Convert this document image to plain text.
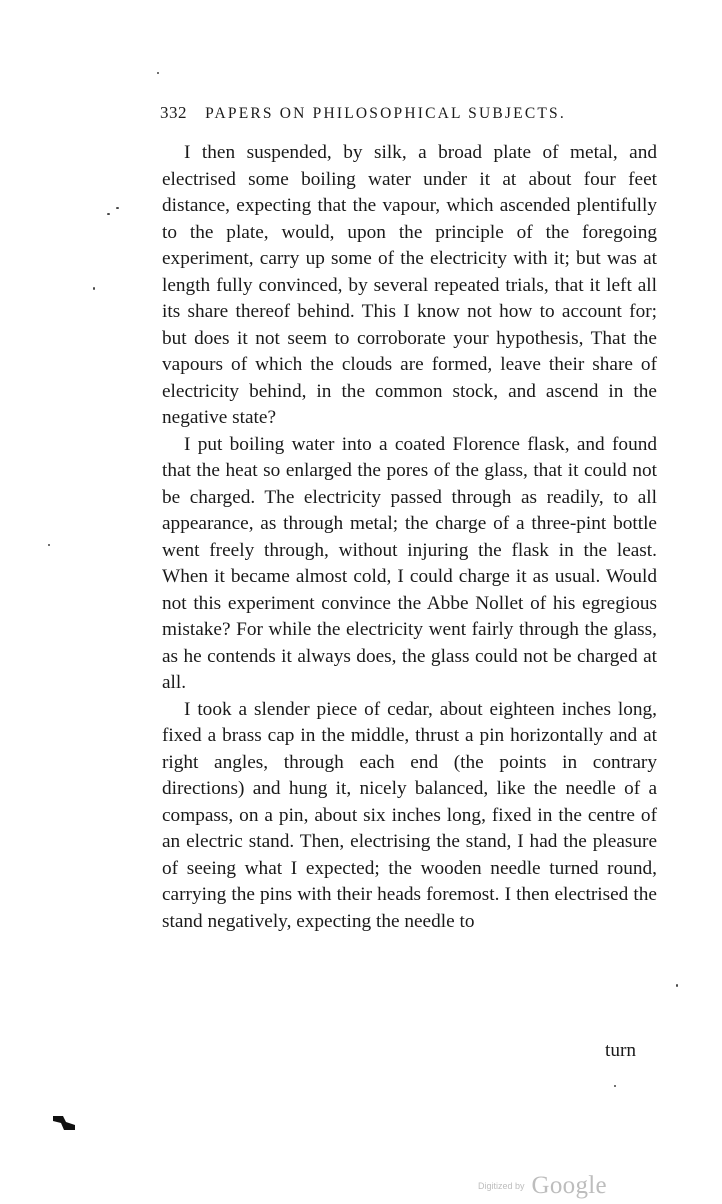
332 PAPERS ON PHILOSOPHICAL SUBJECTS.

I then suspended, by silk, a broad plate of metal, and electrised some boiling water under it at about four feet distance, expecting that the vapour, which ascended plentifully to the plate, would, upon the principle of the foregoing experiment, carry up some of the electricity with it; but was at length fully convinced, by several repeated trials, that it left all its share thereof behind. This I know not how to account for; but does it not seem to corroborate your hypothesis, That the vapours of which the clouds are formed, leave their share of electricity behind, in the common stock, and ascend in the negative state?

I put boiling water into a coated Florence flask, and found that the heat so enlarged the pores of the glass, that it could not be charged. The electricity passed through as readily, to all appearance, as through metal; the charge of a three-pint bottle went freely through, without injuring the flask in the least. When it became almost cold, I could charge it as usual. Would not this experiment convince the Abbe Nollet of his egregious mistake? For while the electricity went fairly through the glass, as he contends it always does, the glass could not be charged at all.

I took a slender piece of cedar, about eighteen inches long, fixed a brass cap in the middle, thrust a pin horizontally and at right angles, through each end (the points in contrary directions) and hung it, nicely balanced, like the needle of a compass, on a pin, about six inches long, fixed in the centre of an electric stand. Then, electrising the stand, I had the pleasure of seeing what I expected; the wooden needle turned round, carrying the pins with their heads foremost. I then electrised the stand negatively, expecting the needle to

turn
Digitized by Google
